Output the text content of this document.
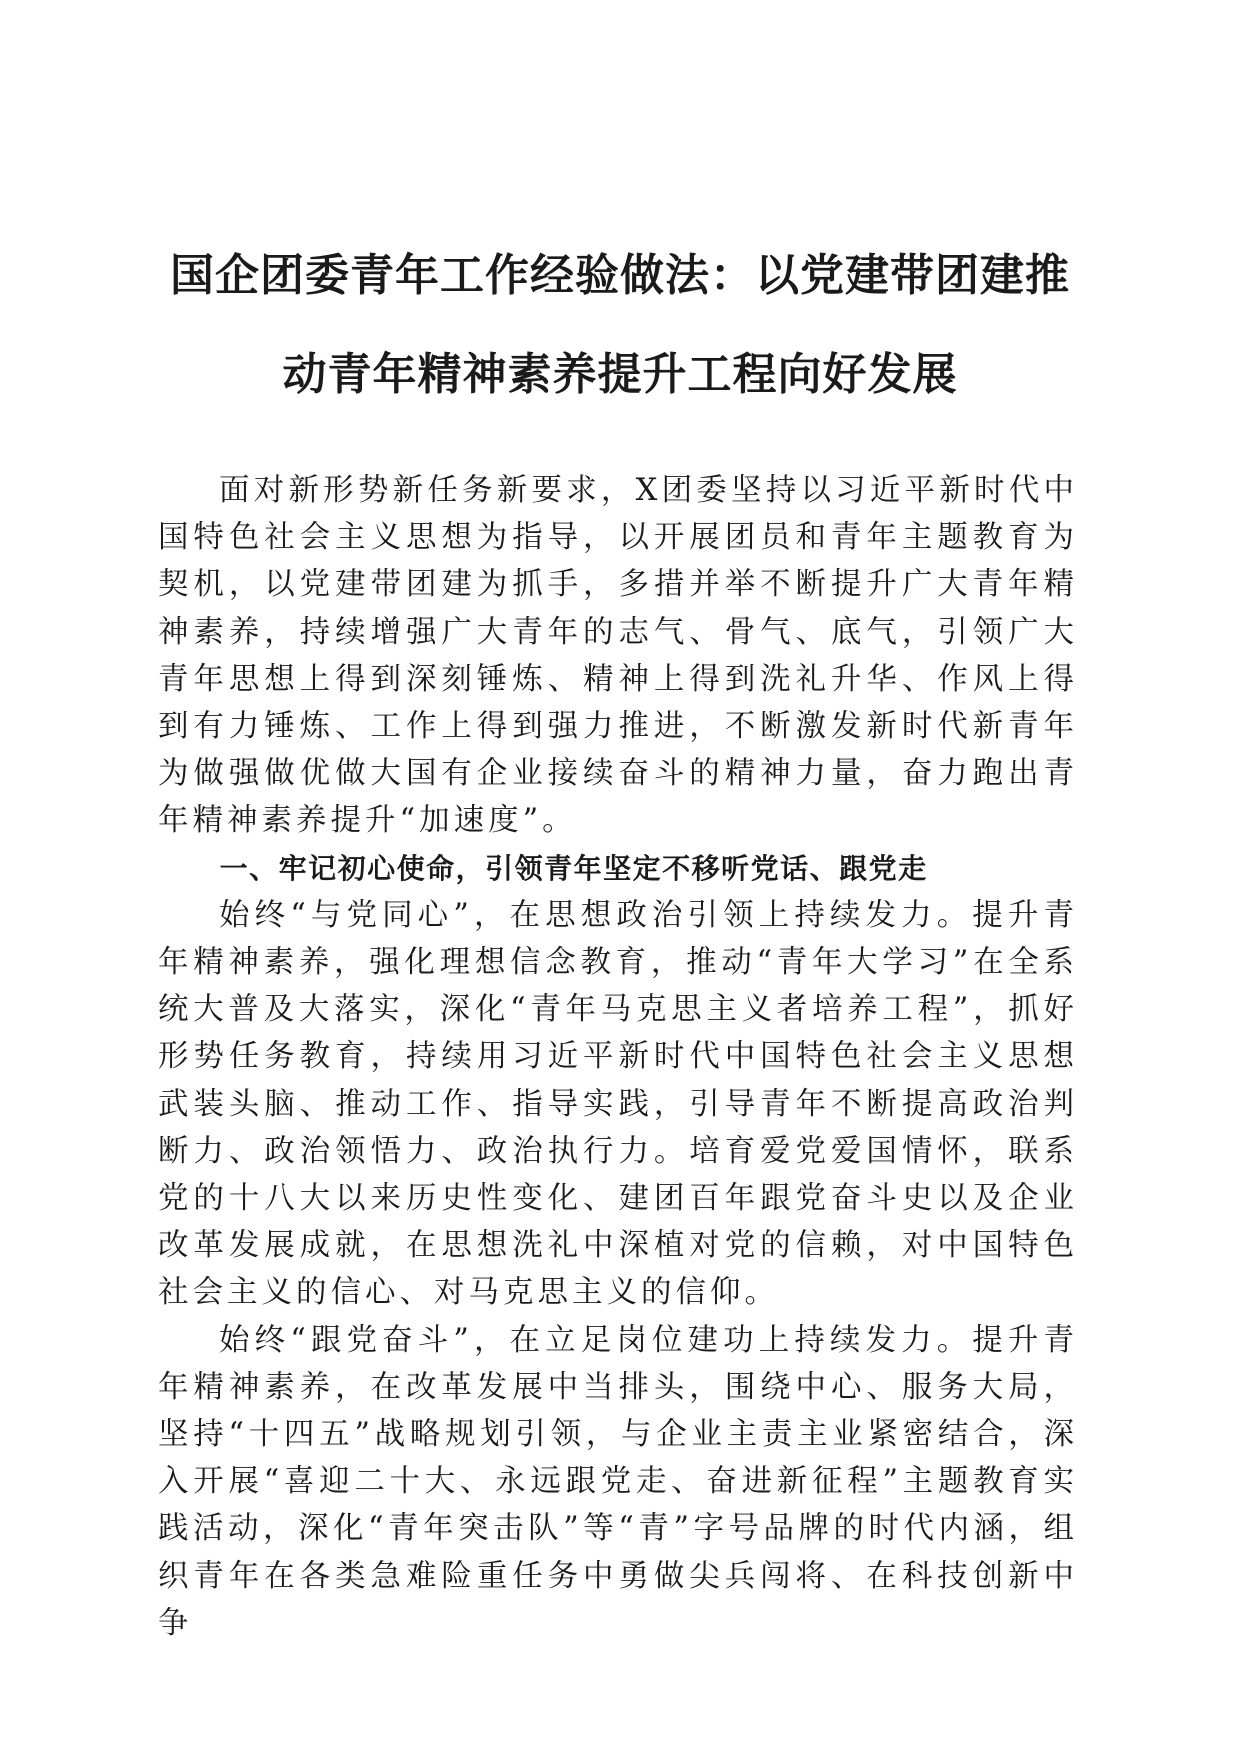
国企团委青年工作经验做法：以党建带团建推
动青年精神素养提升工程向好发展

面对新形势新任务新要求，X团委坚持以习近平新时代中国特色社会主义思想为指导，以开展团员和青年主题教育为契机，以党建带团建为抓手，多措并举不断提升广大青年精神素养，持续增强广大青年的志气、骨气、底气，引领广大青年思想上得到深刻锤炼、精神上得到洗礼升华、作风上得到有力锤炼、工作上得到强力推进，不断激发新时代新青年为做强做优做大国有企业接续奋斗的精神力量，奋力跑出青年精神素养提升“加速度”。

一、牢记初心使命，引领青年坚定不移听党话、跟党走

始终“与党同心”，在思想政治引领上持续发力。提升青年精神素养，强化理想信念教育，推动“青年大学习”在全系统大普及大落实，深化“青年马克思主义者培养工程”，抓好形势任务教育，持续用习近平新时代中国特色社会主义思想武装头脑、推动工作、指导实践，引导青年不断提高政治判断力、政治领悟力、政治执行力。培育爱党爱国情怀，联系党的十八大以来历史性变化、建团百年跟党奋斗史以及企业改革发展成就，在思想洗礼中深植对党的信赖，对中国特色社会主义的信心、对马克思主义的信仰。

始终“跟党奋斗”，在立足岗位建功上持续发力。提升青年精神素养，在改革发展中当排头，围绕中心、服务大局，坚持“十四五”战略规划引领，与企业主责主业紧密结合，深入开展“喜迎二十大、永远跟党走、奋进新征程”主题教育实践活动，深化“青年突击队”等“青”字号品牌的时代内涵，组织青年在各类急难险重任务中勇做尖兵闯将、在科技创新中争
